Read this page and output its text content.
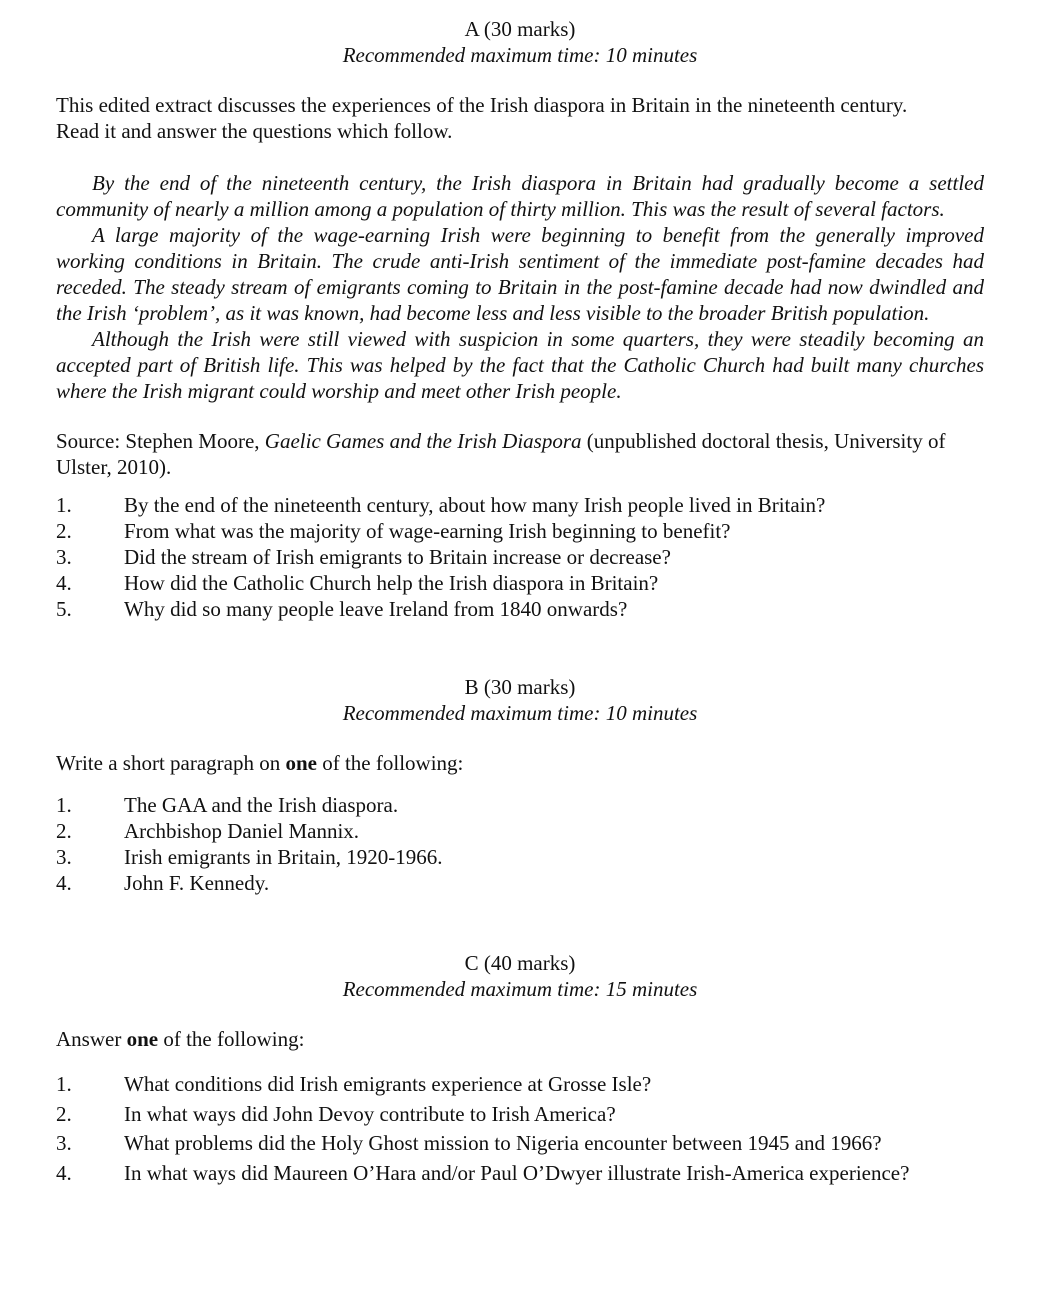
A (30 marks)

Recommended maximum time: 10 minutes

This edited extract discusses the experiences of the Irish diaspora in Britain in the nineteenth century.

Read it and answer the questions which follow.

By the end of the nineteenth century, the Irish diaspora in Britain had gradually become a settled community of nearly a million among a population of thirty million. This was the result of several factors.

A large majority of the wage-earning Irish were beginning to benefit from the generally improved working conditions in Britain. The crude anti-Irish sentiment of the immediate post-famine decades had receded. The steady stream of emigrants coming to Britain in the post-famine decade had now dwindled and the Irish ‘problem’, as it was known, had become less and less visible to the broader British population.

Although the Irish were still viewed with suspicion in some quarters, they were steadily becoming an accepted part of British life. This was helped by the fact that the Catholic Church had built many churches where the Irish migrant could worship and meet other Irish people.

Source: Stephen Moore, Gaelic Games and the Irish Diaspora (unpublished doctoral thesis, University of Ulster, 2010).

1.	By the end of the nineteenth century, about how many Irish people lived in Britain?
2.	From what was the majority of wage-earning Irish beginning to benefit?
3.	Did the stream of Irish emigrants to Britain increase or decrease?
4.	How did the Catholic Church help the Irish diaspora in Britain?
5.	Why did so many people leave Ireland from 1840 onwards?

B (30 marks)

Recommended maximum time: 10 minutes

Write a short paragraph on one of the following:

1.	The GAA and the Irish diaspora.
2.	Archbishop Daniel Mannix.
3.	Irish emigrants in Britain, 1920-1966.
4.	John F. Kennedy.

C (40 marks)

Recommended maximum time: 15 minutes

Answer one of the following:

1.	What conditions did Irish emigrants experience at Grosse Isle?
2.	In what ways did John Devoy contribute to Irish America?
3.	What problems did the Holy Ghost mission to Nigeria encounter between 1945 and 1966?
4.	In what ways did Maureen O’Hara and/or Paul O’Dwyer illustrate Irish-America experience?
